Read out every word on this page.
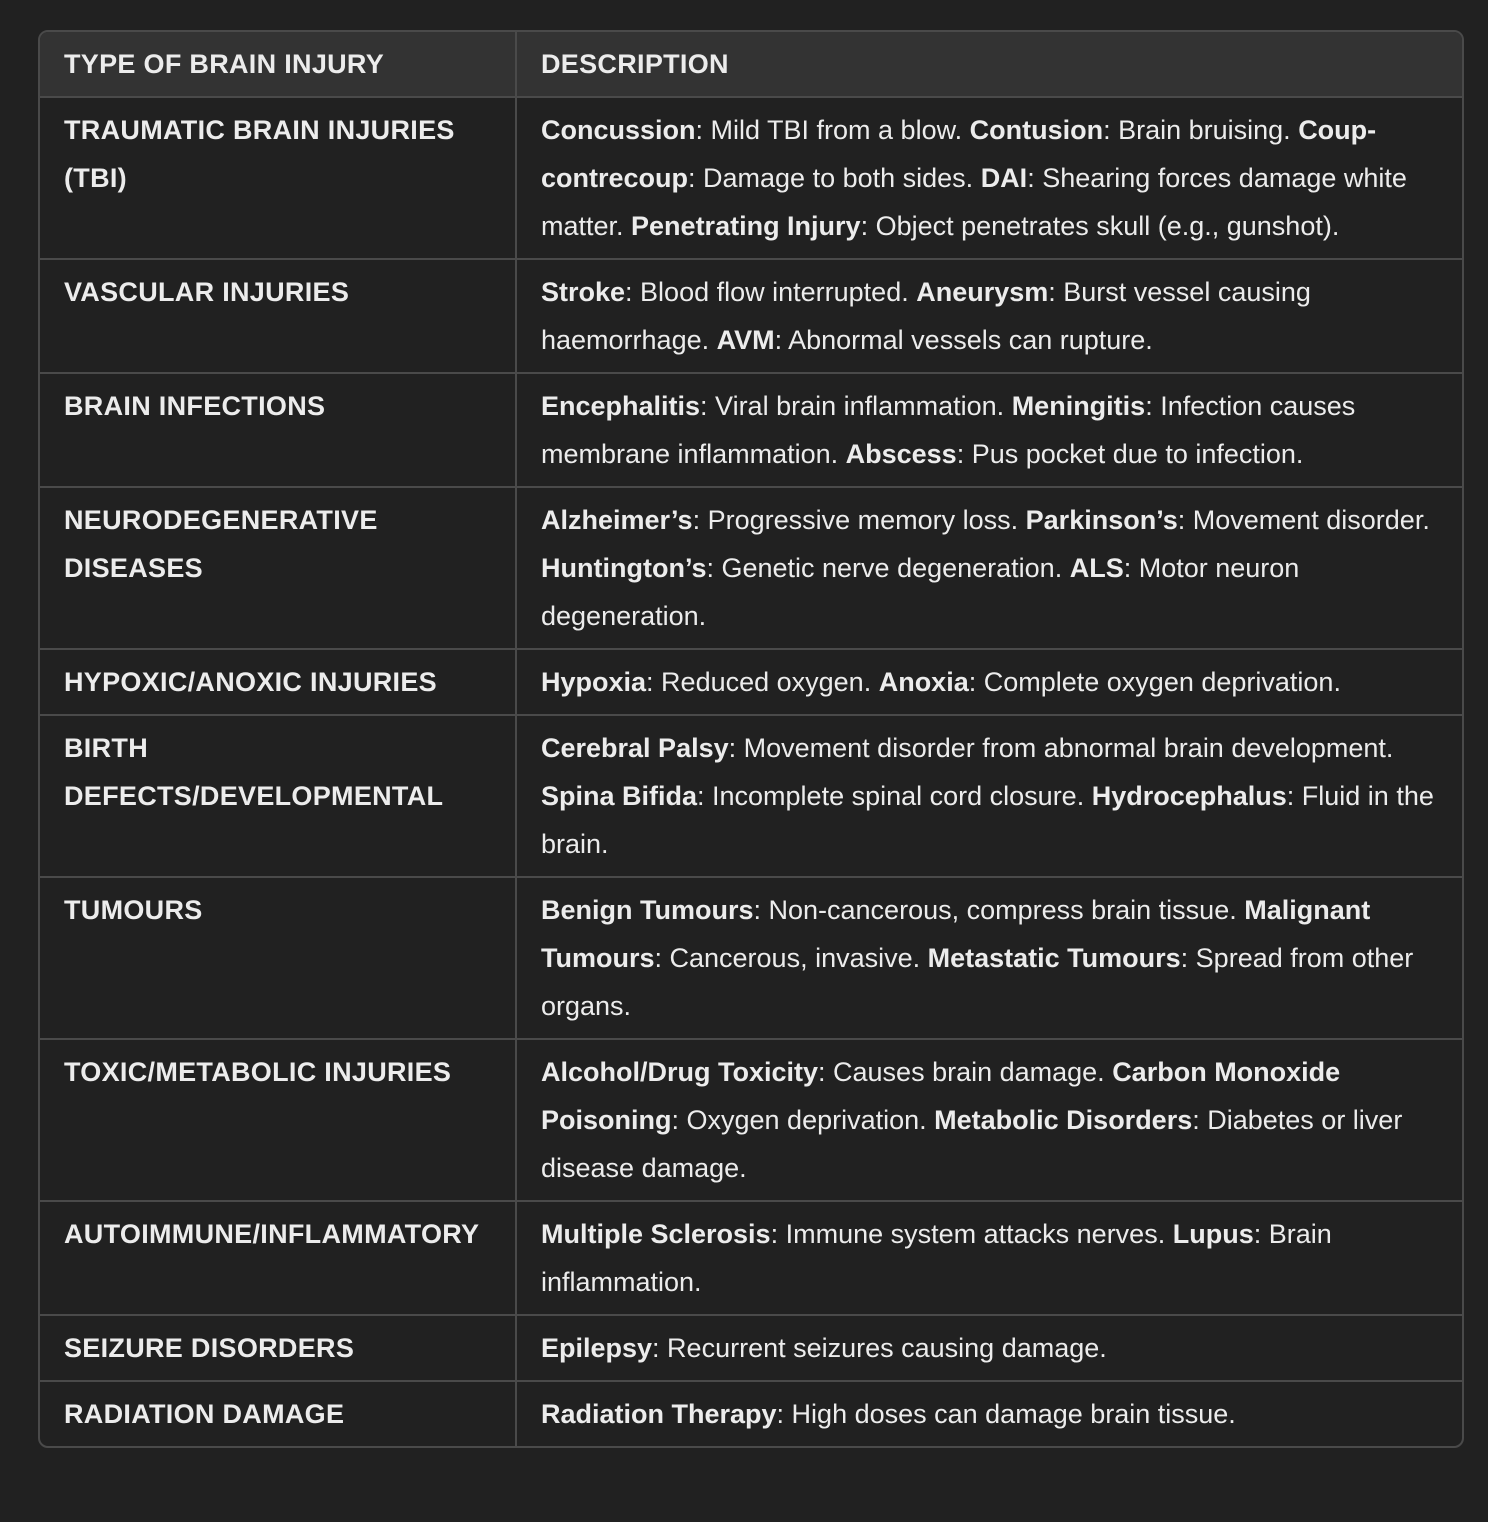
TYPE OF BRAIN INJURY	DESCRIPTION
TRAUMATIC BRAIN INJURIES (TBI)	Concussion: Mild TBI from a blow. Contusion: Brain bruising. Coup-contrecoup: Damage to both sides. DAI: Shearing forces damage white matter. Penetrating Injury: Object penetrates skull (e.g., gunshot).
VASCULAR INJURIES	Stroke: Blood flow interrupted. Aneurysm: Burst vessel causing haemorrhage. AVM: Abnormal vessels can rupture.
BRAIN INFECTIONS	Encephalitis: Viral brain inflammation. Meningitis: Infection causes membrane inflammation. Abscess: Pus pocket due to infection.
NEURODEGENERATIVE DISEASES	Alzheimer’s: Progressive memory loss. Parkinson’s: Movement disorder. Huntington’s: Genetic nerve degeneration. ALS: Motor neuron degeneration.
HYPOXIC/ANOXIC INJURIES	Hypoxia: Reduced oxygen. Anoxia: Complete oxygen deprivation.
BIRTH DEFECTS/DEVELOPMENTAL	Cerebral Palsy: Movement disorder from abnormal brain development. Spina Bifida: Incomplete spinal cord closure. Hydrocephalus: Fluid in the brain.
TUMOURS	Benign Tumours: Non-cancerous, compress brain tissue. Malignant Tumours: Cancerous, invasive. Metastatic Tumours: Spread from other organs.
TOXIC/METABOLIC INJURIES	Alcohol/Drug Toxicity: Causes brain damage. Carbon Monoxide Poisoning: Oxygen deprivation. Metabolic Disorders: Diabetes or liver disease damage.
AUTOIMMUNE/INFLAMMATORY	Multiple Sclerosis: Immune system attacks nerves. Lupus: Brain inflammation.
SEIZURE DISORDERS	Epilepsy: Recurrent seizures causing damage.
RADIATION DAMAGE	Radiation Therapy: High doses can damage brain tissue.
